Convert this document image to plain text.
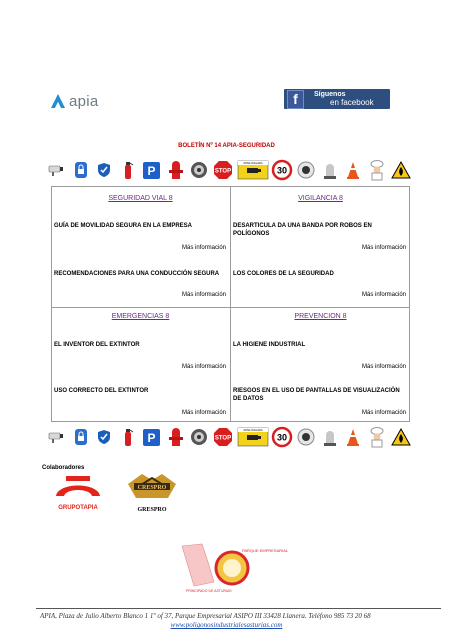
apia	f	Síguenos
en facebook
BOLETÍN Nº 14 APIA-SEGURIDAD
P	STOP
ZONA VIGILADA
30
SEGURIDAD VIAL 8
GUÍA DE MOVILIDAD SEGURA EN LA EMPRESA
Más información
RECOMENDACIONES PARA UNA CONDUCCIÓN SEGURA
Más información
VIGILANCIA 8
DESARTICULA DA UNA BANDA POR ROBOS EN POLÍGONOS
Más información
LOS COLORES DE LA SEGURIDAD
Más información
EMERGENCIAS 8
EL INVENTOR DEL EXTINTOR
Más información
USO CORRECTO DEL EXTINTOR
Más información
PREVENCION 8
LA HIGIENE INDUSTRIAL
Más información
RIESGOS EN EL USO DE PANTALLAS DE VISUALIZACIÓN DE DATOS
Más información
P	STOP
ZONA VIGILADA
30
Colaboradores
GRUPOTAPIA
CRESPRO
GRESPRO
PARQUE EMPRESARIAL
PRINCIPADO DE ASTURIAS
APIA, Plaza de Julio Alberto Blanco 1 1º of 37, Parque Empresarial ASIPO III 33428 Llanera. Teléfono 985 73 20 68
www.poligonosindustrialesasturias.com
